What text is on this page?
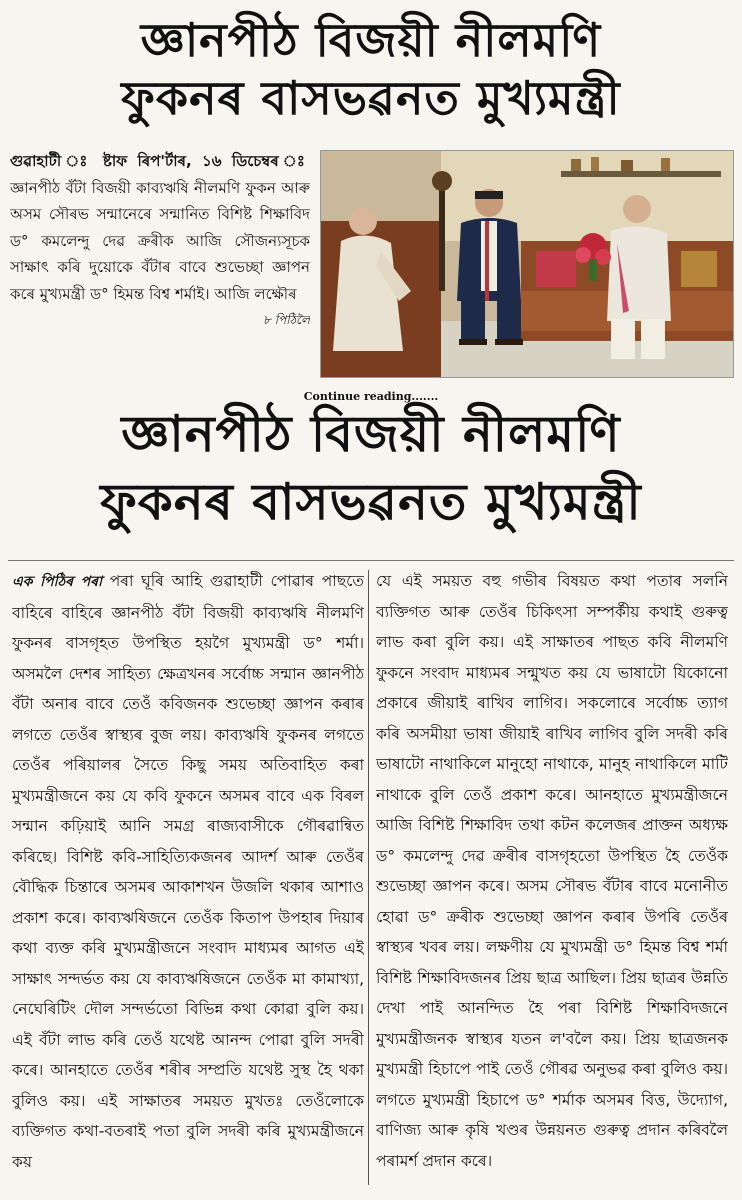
জ্ঞানপীঠ বিজয়ী নীলমণি
ফুকনৰ বাসভৱনত মুখ্যমন্ত্ৰী
গুৱাহাটী ঃ ষ্টাফ ৰিপ'ৰ্টাৰ, ১৬ ডিচেম্বৰ ঃ জ্ঞানপীঠ বঁটা বিজয়ী কাব্যঋষি নীলমণি ফুকন আৰু অসম সৌৰভ সন্মানেৰে সন্মানিত বিশিষ্ট শিক্ষাবিদ ড° কমলেন্দু দেৱ ক্ৰৰীক আজি সৌজন্যসূচক সাক্ষাৎ কৰি দুয়োকে বঁটাৰ বাবে শুভেচ্ছা জ্ঞাপন কৰে মুখ্যমন্ত্ৰী ড° হিমন্ত বিশ্ব শৰ্মাই। আজি লক্ষৌৰ
৮ পিঠিলৈ
Continue reading.......
জ্ঞানপীঠ বিজয়ী নীলমণি
ফুকনৰ বাসভৱনত মুখ্যমন্ত্ৰী
এক পিঠিৰ পৰা পৰা ঘূৰি আহি গুৱাহাটী পোৱাৰ পাছতে বাহিৰে বাহিৰে জ্ঞানপীঠ বঁটা বিজয়ী কাব্যঋষি নীলমণি ফুকনৰ বাসগৃহত উপস্থিত হয়গৈ মুখ্যমন্ত্ৰী ড° শৰ্মা। অসমলৈ দেশৰ সাহিত্য ক্ষেত্ৰখনৰ সৰ্বোচ্চ সন্মান জ্ঞানপীঠ বঁটা অনাৰ বাবে তেওঁ কবিজনক শুভেচ্ছা জ্ঞাপন কৰাৰ লগতে তেওঁৰ স্বাস্থ্যৰ বুজ লয়। কাব্যঋষি ফুকনৰ লগতে তেওঁৰ পৰিয়ালৰ সৈতে কিছু সময় অতিবাহিত কৰা মুখ্যমন্ত্ৰীজনে কয় যে কবি ফুকনে অসমৰ বাবে এক বিৰল সন্মান কঢ়িয়াই আনি সমগ্ৰ ৰাজ্যবাসীকে গৌৰৱান্বিত কৰিছে। বিশিষ্ট কবি-সাহিত্যিকজনৰ আদৰ্শ আৰু তেওঁৰ বৌদ্ধিক চিন্তাৰে অসমৰ আকাশখন উজলি থকাৰ আশাও প্ৰকাশ কৰে। কাব্যঋষিজনে তেওঁক কিতাপ উপহাৰ দিয়াৰ কথা ব্যক্ত কৰি মুখ্যমন্ত্ৰীজনে সংবাদ মাধ্যমৰ আগত এই সাক্ষাৎ সন্দৰ্ভত কয় যে কাব্যঋষিজনে তেওঁক মা কামাখ্যা, নেঘেৰিটিং দৌল সন্দৰ্ভতো বিভিন্ন কথা কোৱা বুলি কয়। এই বঁটা লাভ কৰি তেওঁ যথেষ্ট আনন্দ পোৱা বুলি সদৰী কৰে। আনহাতে তেওঁৰ শৰীৰ সম্প্ৰতি যথেষ্ট সুস্থ হৈ থকা বুলিও কয়। এই সাক্ষাতৰ সময়ত মুখতঃ তেওঁলোকে ব্যক্তিগত কথা-বতৰাই পতা বুলি সদৰী কৰি মুখ্যমন্ত্ৰীজনে কয়
যে এই সময়ত বহু গভীৰ বিষয়ত কথা পতাৰ সলনি ব্যক্তিগত আৰু তেওঁৰ চিকিৎসা সম্পৰ্কীয় কথাই গুৰুত্ব লাভ কৰা বুলি কয়। এই সাক্ষাতৰ পাছত কবি নীলমণি ফুকনে সংবাদ মাধ্যমৰ সন্মুখত কয় যে ভাষাটো যিকোনো প্ৰকাৰে জীয়াই ৰাখিব লাগিব। সকলোৰে সৰ্বোচ্চ ত্যাগ কৰি অসমীয়া ভাষা জীয়াই ৰাখিব লাগিব বুলি সদৰী কৰি ভাষাটো নাথাকিলে মানুহো নাথাকে, মানুহ নাথাকিলে মাটি নাথাকে বুলি তেওঁ প্ৰকাশ কৰে। আনহাতে মুখ্যমন্ত্ৰীজনে আজি বিশিষ্ট শিক্ষাবিদ তথা কটন কলেজৰ প্ৰাক্তন অধ্যক্ষ ড° কমলেন্দু দেৱ ক্ৰৰীৰ বাসগৃহতো উপস্থিত হৈ তেওঁক শুভেচ্ছা জ্ঞাপন কৰে। অসম সৌৰভ বঁটাৰ বাবে মনোনীত হোৱা ড° ক্ৰৰীক শুভেচ্ছা জ্ঞাপন কৰাৰ উপৰি তেওঁৰ স্বাস্থ্যৰ খবৰ লয়। লক্ষণীয় যে মুখ্যমন্ত্ৰী ড° হিমন্ত বিশ্ব শৰ্মা বিশিষ্ট শিক্ষাবিদজনৰ প্ৰিয় ছাত্ৰ আছিল। প্ৰিয় ছাত্ৰৰ উন্নতি দেখা পাই আনন্দিত হৈ পৰা বিশিষ্ট শিক্ষাবিদজনে মুখ্যমন্ত্ৰীজনক স্বাস্থ্যৰ যতন ল'বলৈ কয়। প্ৰিয় ছাত্ৰজনক মুখ্যমন্ত্ৰী হিচাপে পাই তেওঁ গৌৰৱ অনুভৱ কৰা বুলিও কয়। লগতে মুখ্যমন্ত্ৰী হিচাপে ড° শৰ্মাক অসমৰ বিত্ত, উদ্যোগ, বাণিজ্য আৰু কৃষি খণ্ডৰ উন্নয়নত গুৰুত্ব প্ৰদান কৰিবলৈ পৰামৰ্শ প্ৰদান কৰে।
